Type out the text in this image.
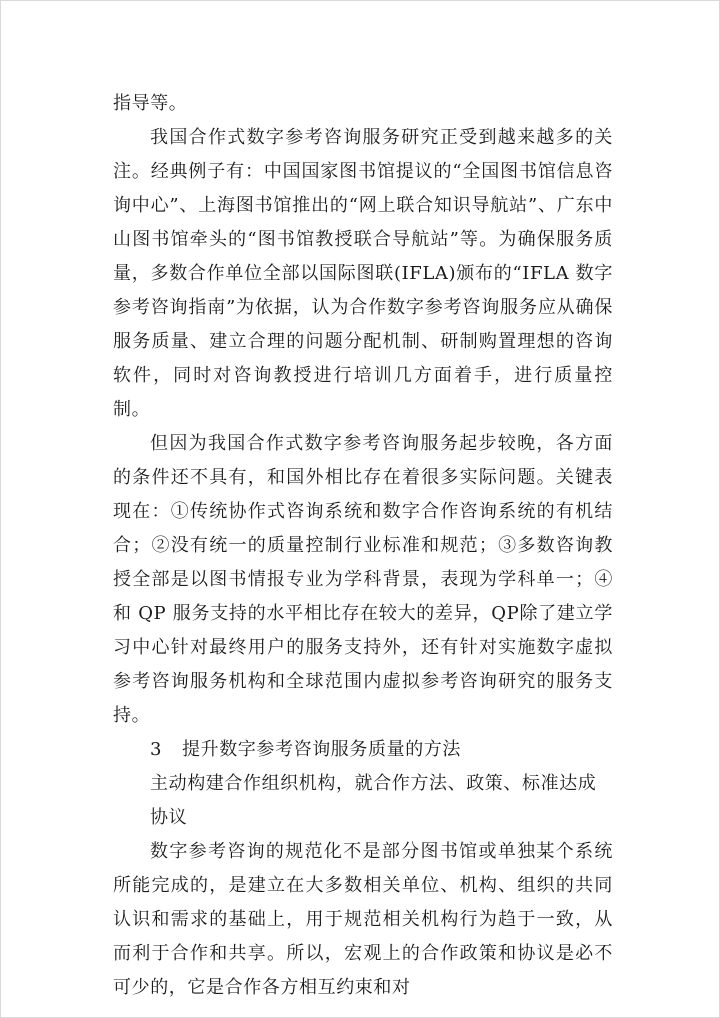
指导等。

我国合作式数字参考咨询服务研究正受到越来越多的关注。经典例子有：中国国家图书馆提议的“全国图书馆信息咨询中心”、上海图书馆推出的“网上联合知识导航站”、广东中山图书馆牵头的“图书馆教授联合导航站”等。为确保服务质量，多数合作单位全部以国际图联(IFLA)颁布的“IFLA 数字参考咨询指南”为依据，认为合作数字参考咨询服务应从确保服务质量、建立合理的问题分配机制、研制购置理想的咨询软件，同时对咨询教授进行培训几方面着手，进行质量控制。

但因为我国合作式数字参考咨询服务起步较晚，各方面的条件还不具有，和国外相比存在着很多实际问题。关键表现在：①传统协作式咨询系统和数字合作咨询系统的有机结合；②没有统一的质量控制行业标准和规范；③多数咨询教授全部是以图书情报专业为学科背景，表现为学科单一；④和 QP 服务支持的水平相比存在较大的差异，QP除了建立学习中心针对最终用户的服务支持外，还有针对实施数字虚拟参考咨询服务机构和全球范围内虚拟参考咨询研究的服务支持。

3 提升数字参考咨询服务质量的方法

主动构建合作组织机构，就合作方法、政策、标准达成协议

数字参考咨询的规范化不是部分图书馆或单独某个系统所能完成的，是建立在大多数相关单位、机构、组织的共同认识和需求的基础上，用于规范相关机构行为趋于一致，从而利于合作和共享。所以，宏观上的合作政策和协议是必不可少的，它是合作各方相互约束和对
